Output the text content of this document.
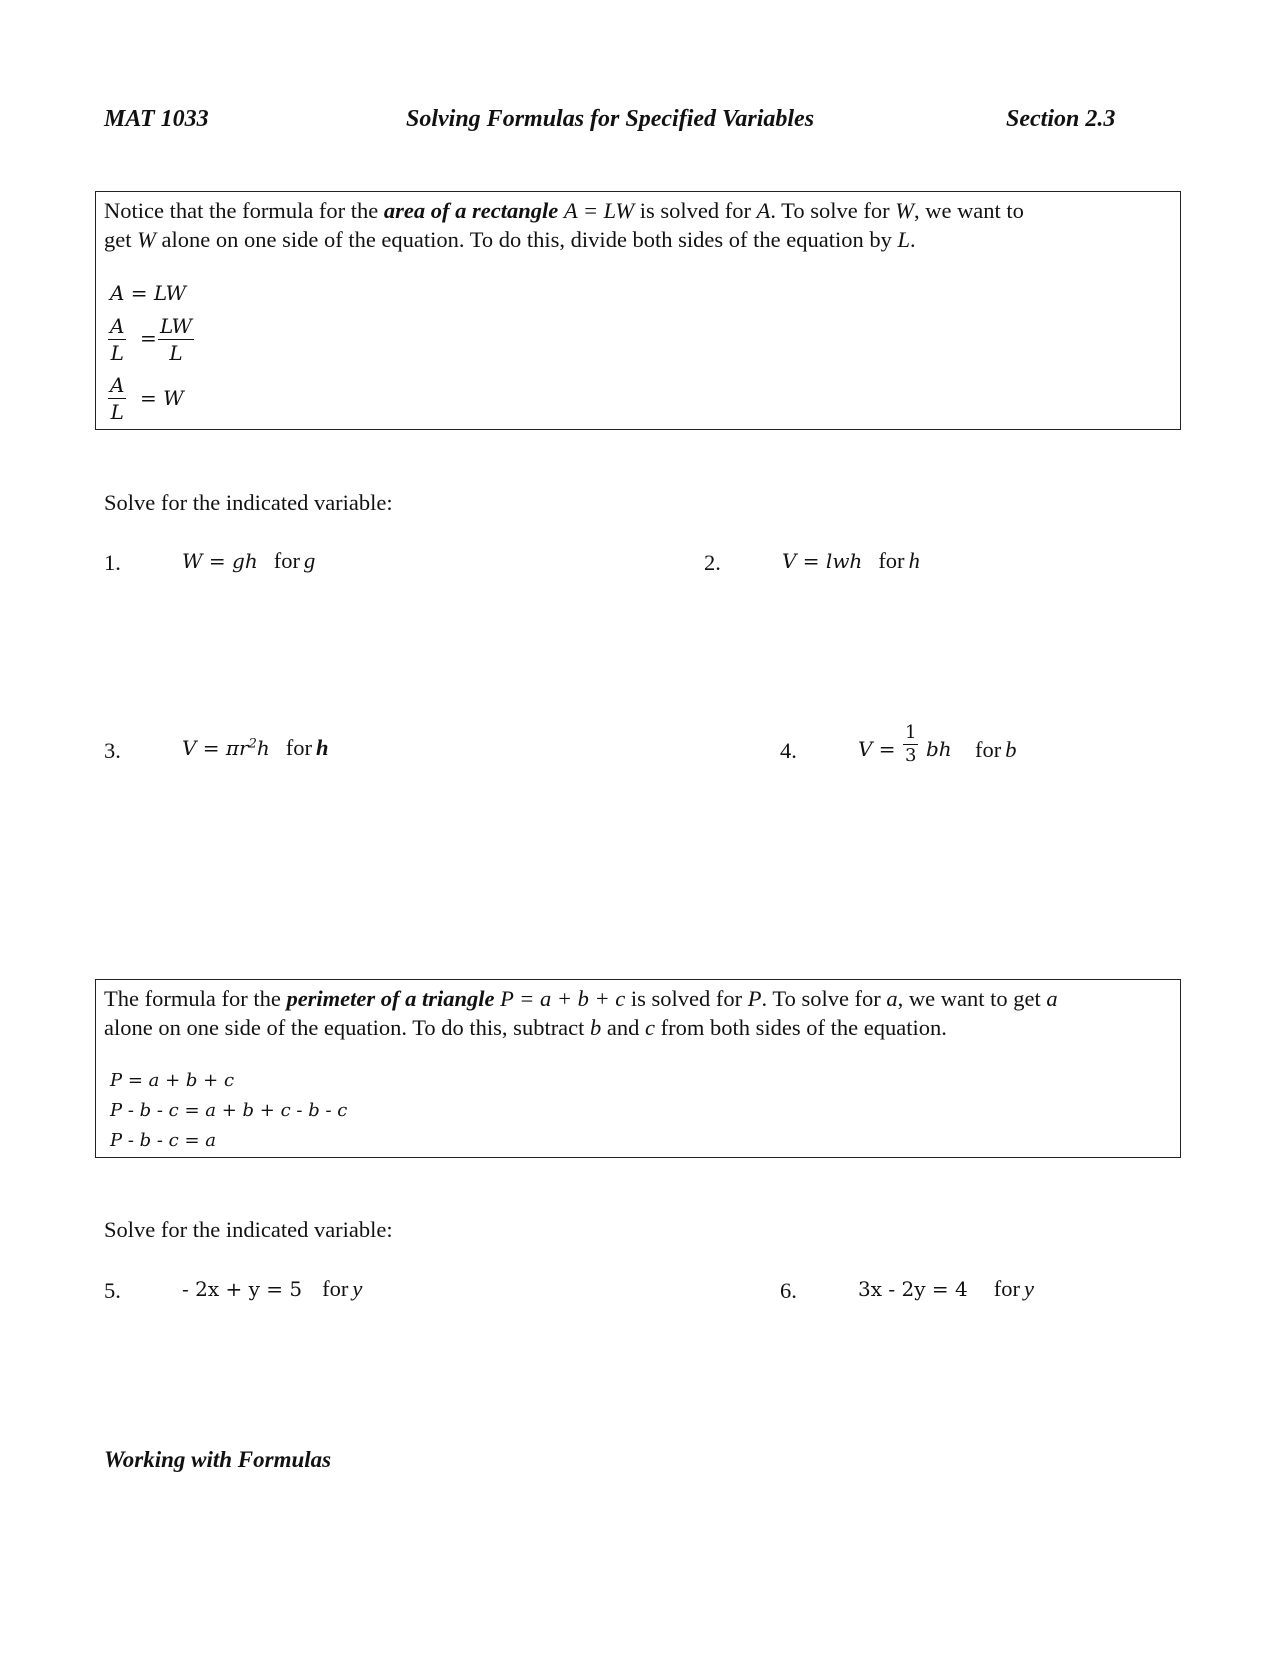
MAT 1033	Solving Formulas for Specified Variables	Section 2.3
Notice that the formula for the area of a rectangle A = LW is solved for A. To solve for W, we want to
get W alone on one side of the equation. To do this, divide both sides of the equation by L.
A = LW
$\frac{A}{L} = \frac{LW}{L}$
$\frac{A}{L} = W$
Solve for the indicated variable:
1.	W = gh for g	2.	V = lwh for h
3.	$V = \pi r^2h$ for h	4.	$V = \frac{1}{3}$ bh for b
The formula for the perimeter of a triangle P = a + b + c is solved for P. To solve for a, we want to get a
alone on one side of the equation. To do this, subtract b and c from both sides of the equation.
P = a + b + c
P - b - c = a + b + c - b - c
P - b - c = a
Solve for the indicated variable:
5.	- 2x + y = 5 for y	6.	3x - 2y = 4 for y
Working with Formulas
